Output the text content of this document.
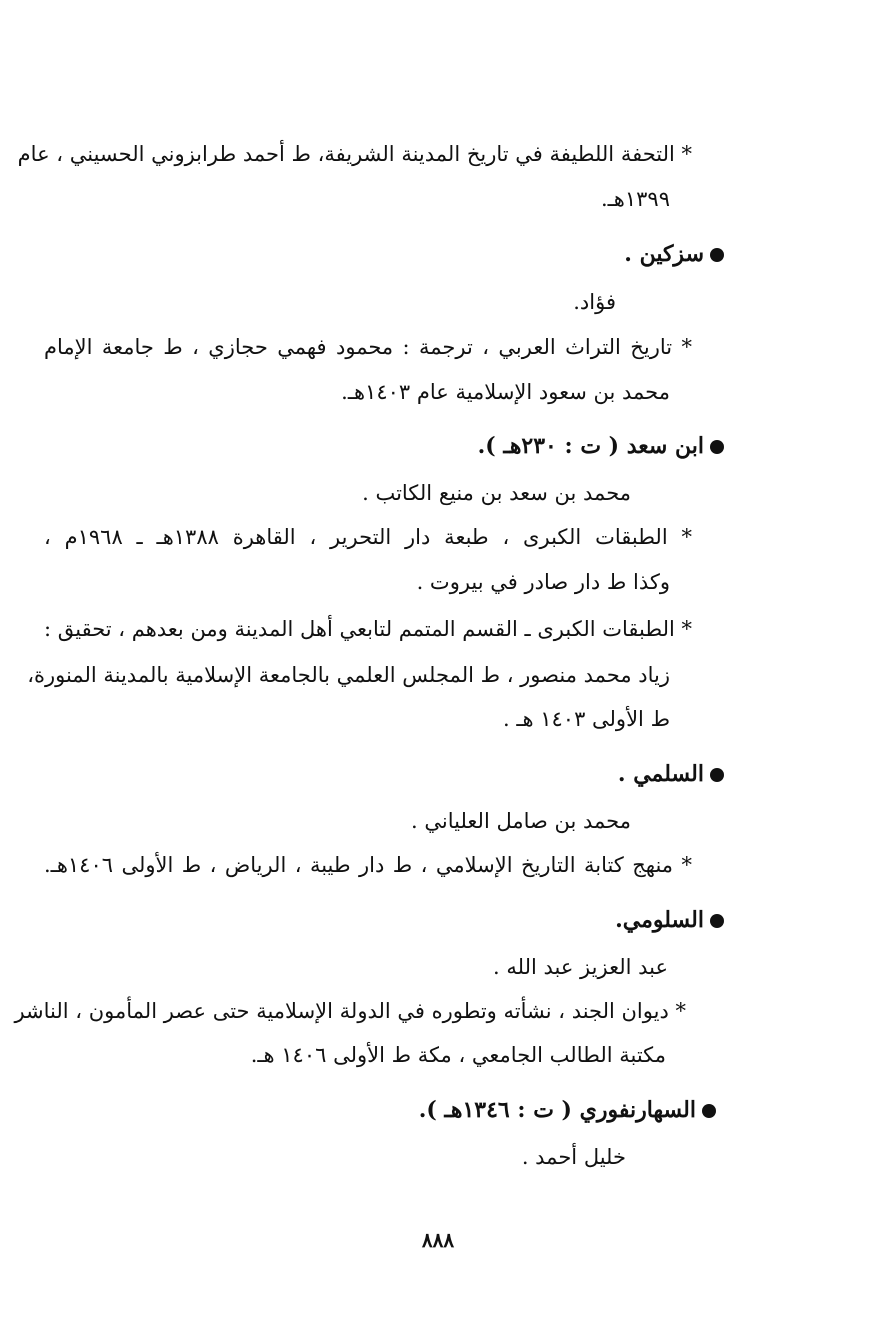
* التحفة اللطيفة في تاريخ المدينة الشريفة، ط أحمد طرابزوني الحسيني ، عام
١٣٩٩هـ.
سزكين .
فؤاد.
* تاريخ التراث العربي ، ترجمة : محمود فهمي حجازي ، ط جامعة الإمام
محمد بن سعود الإسلامية عام ١٤٠٣هـ.
ابن سعد ( ت : ٢٣٠هـ ).
محمد بن سعد بن منيع الكاتب .
* الطبقات الكبرى ، طبعة دار التحرير ، القاهرة ١٣٨٨هـ ـ ١٩٦٨م ،
وكذا ط دار صادر في بيروت .
* الطبقات الكبرى ـ القسم المتمم لتابعي أهل المدينة ومن بعدهم ، تحقيق :
زياد محمد منصور ، ط المجلس العلمي بالجامعة الإسلامية بالمدينة المنورة،
ط الأولى ١٤٠٣ هـ .
السلمي .
محمد بن صامل العلياني .
* منهج كتابة التاريخ الإسلامي ، ط دار طيبة ، الرياض ، ط الأولى ١٤٠٦هـ.
السلومي.
عبد العزيز عبد الله .
* ديوان الجند ، نشأته وتطوره في الدولة الإسلامية حتى عصر المأمون ، الناشر
مكتبة الطالب الجامعي ، مكة ط الأولى ١٤٠٦ هـ.
السهارنفوري ( ت : ١٣٤٦هـ ).
خليل أحمد .
٨٨٨
